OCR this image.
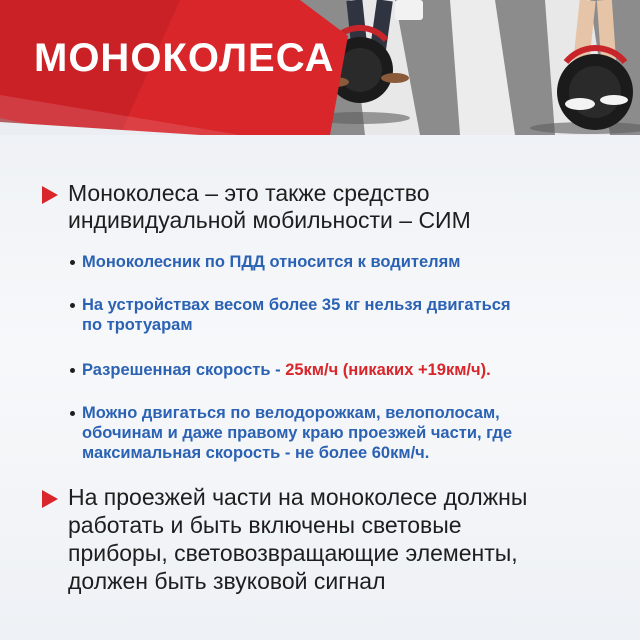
МОНОКОЛЕСА

Моноколеса – это также средство

индивидуальной мобильности – СИМ

Моноколесник по ПДД относится к водителям

На устройствах весом более 35 кг нельзя двигаться

по тротуарам

Разрешенная скорость - 25км/ч (никаких +19км/ч).

Можно двигаться по велодорожкам, велополосам,

обочинам и даже правому краю проезжей части, где

максимальная скорость - не более 60км/ч.

На проезжей части на моноколесе должны

работать и быть включены световые

приборы, световозвращающие элементы,

должен быть звуковой сигнал
